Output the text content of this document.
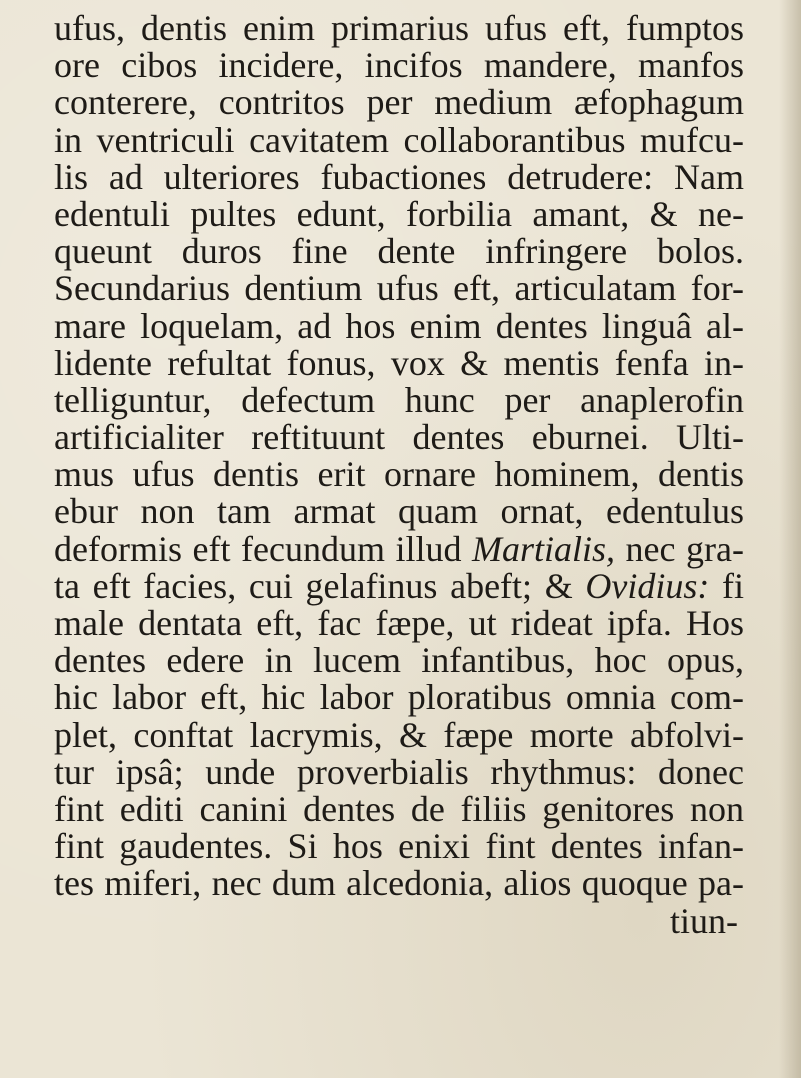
ufus, dentis enim primarius ufus eft, fumptos
ore cibos incidere, incifos mandere, manfos
conterere, contritos per medium æfophagum
in ventriculi cavitatem collaborantibus mufcu-
lis ad ulteriores fubactiones detrudere: Nam
edentuli pultes edunt, forbilia amant, & ne-
queunt duros fine dente infringere bolos.
Secundarius dentium ufus eft, articulatam for-
mare loquelam, ad hos enim dentes linguâ al-
lidente refultat fonus, vox & mentis fenfa in-
telliguntur, defectum hunc per anaplerofin
artificialiter reftituunt dentes eburnei. Ulti-
mus ufus dentis erit ornare hominem, dentis
ebur non tam armat quam ornat, edentulus
deformis eft fecundum illud Martialis, nec gra-
ta eft facies, cui gelafinus abeft; & Ovidius: fi
male dentata eft, fac fæpe, ut rideat ipfa. Hos
dentes edere in lucem infantibus, hoc opus,
hic labor eft, hic labor ploratibus omnia com-
plet, conftat lacrymis, & fæpe morte abfolvi-
tur ipsâ; unde proverbialis rhythmus: donec
fint editi canini dentes de filiis genitores non
fint gaudentes. Si hos enixi fint dentes infan-
tes miferi, nec dum alcedonia, alios quoque pa-
tiun-
